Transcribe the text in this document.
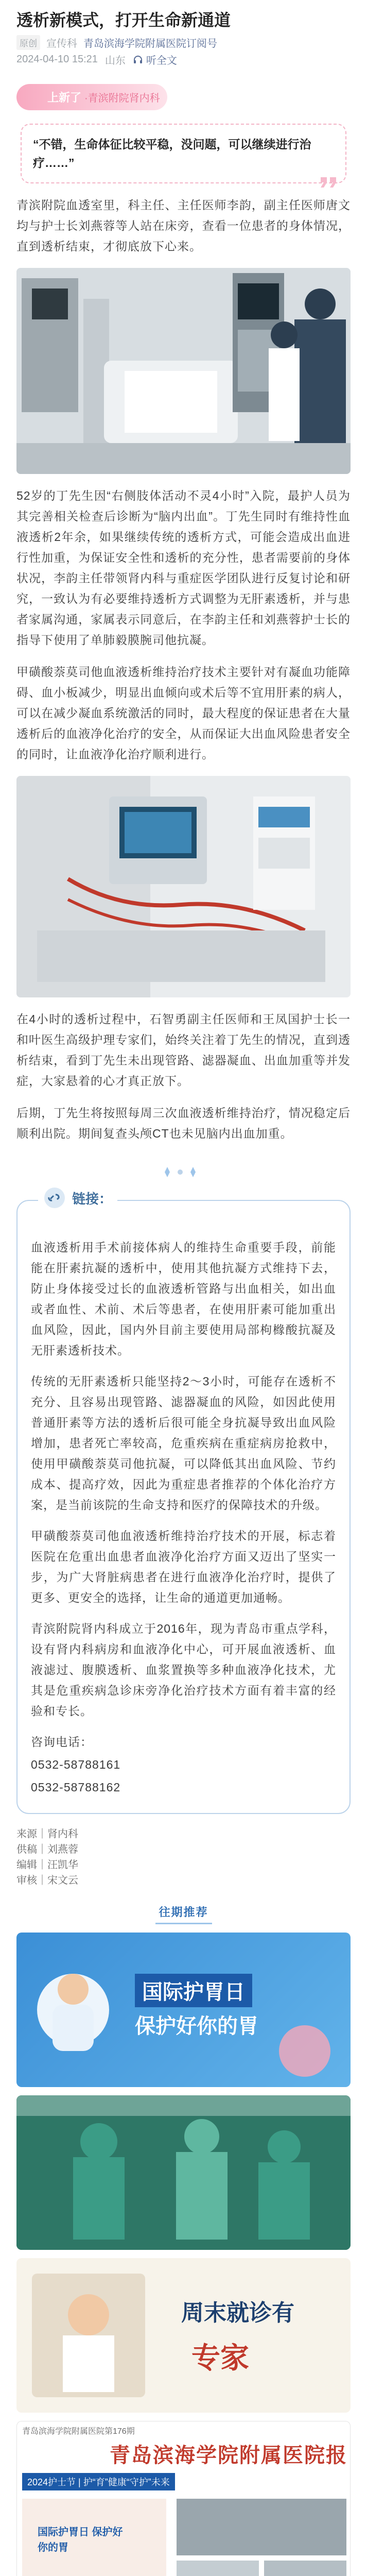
透析新模式，打开生命新通道
原创 宣传科 青岛滨海学院附属医院订阅号
2024-04-10 15:21 山东 听全文
上新了 ·青滨附院肾内科
“不错，生命体征比较平稳，没问题，可以继续进行治疗……”

青滨附院血透室里，科主任、主任医师李韵，副主任医师唐文均与护士长刘燕蓉等人站在床旁，查看一位患者的身体情况，直到透析结束，才彻底放下心来。

52岁的丁先生因“右侧肢体活动不灵4小时”入院，最护人员为其完善相关检查后诊断为“脑内出血”。丁先生同时有维持性血液透析2年余，如果继续传统的透析方式，可能会造成出血进行性加重，为保证安全性和透析的充分性，患者需要前的身体状况，李韵主任带领肾内科与重症医学团队进行反复讨论和研究，一致认为有必要维持透析方式调整为无肝素透析，并与患者家属沟通，家属表示同意后，在李韵主任和刘燕蓉护士长的指导下使用了单肺毅膜腕司他抗凝。

甲磺酸萘莫司他血液透析维持治疗技术主要针对有凝血功能障碍、血小板减少，明显出血倾向或术后等不宜用肝素的病人，可以在减少凝血系统激活的同时，最大程度的保证患者在大量透析后的血液净化治疗的安全，从而保证大出血风险患者安全的同时，让血液净化治疗顺利进行。

在4小时的透析过程中，石智勇副主任医师和王凤国护士长一和叶医生高级护理专家们，始终关注着丁先生的情况，直到透析结束，看到丁先生未出现管路、滤器凝血、出血加重等并发症，大家悬着的心才真正放下。

后期，丁先生将按照每周三次血液透析维持治疗，情况稳定后顺利出院。期间复查头颅CT也未见脑内出血加重。

链接：

血液透析用手术前接体病人的维持生命重要手段，前能能在肝素抗凝的透析中，使用其他抗凝方式维持下去，防止身体接受过长的血液透析管路与出血相关，如出血或者血性、术前、术后等患者，在使用肝素可能加重出血风险，因此，国内外目前主要使用局部枸橼酸抗凝及无肝素透析技术。

传统的无肝素透析只能坚持2～3小时，可能存在透析不充分、且容易出现管路、滤器凝血的风险，如因此使用普通肝素等方法的透析后很可能全身抗凝导致出血风险增加，患者死亡率较高，危重疾病在重症病房抢救中，使用甲磺酸萘莫司他抗凝，可以降低其出血风险、节约成本、提高疗效，因此为重症患者推荐的个体化治疗方案，是当前该院的生命支持和医疗的保障技术的升级。

甲磺酸萘莫司他血液透析维持治疗技术的开展，标志着医院在危重出血患者血液净化治疗方面又迈出了坚实一步，为广大肾脏病患者在进行血液净化治疗时，提供了更多、更安全的选择，让生命的通道更加通畅。

青滨附院肾内科成立于2016年，现为青岛市重点学科，设有肾内科病房和血液净化中心，可开展血液透析、血液滤过、腹膜透析、血浆置换等多种血液净化技术，尤其是危重疾病急诊床旁净化治疗技术方面有着丰富的经验和专长。

咨询电话：

0532-58788161

0532-58788162

来源｜肾内科
供稿｜刘燕蓉
编辑｜汪凯华
审核｜宋文云
往期推荐
国际护胃日
保护好你的胃
周末就诊有
专家
青岛滨海学院附属医院第176期
青岛滨海学院附属医院报
2024护士节 | 护“育”健康“守护”未来
国际护胃日 保护好你的胃
